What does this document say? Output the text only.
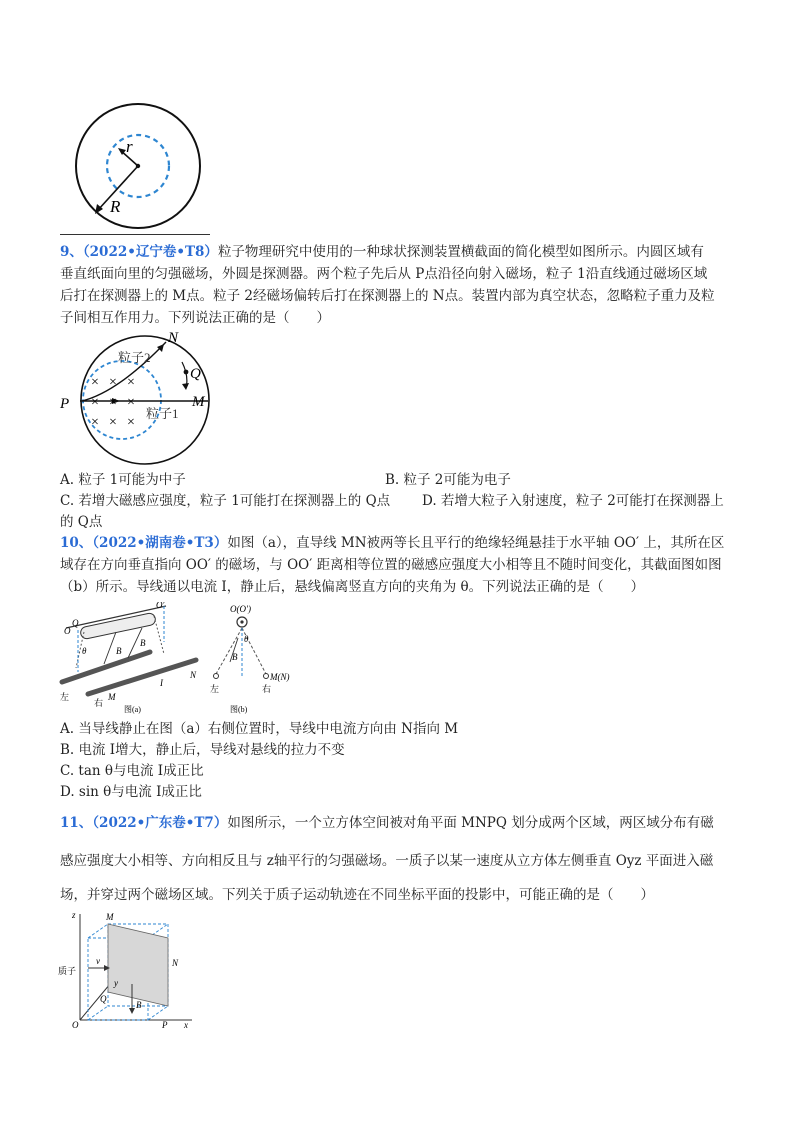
r
R
9、（2022•辽宁卷•T8）粒子物理研究中使用的一种球状探测装置横截面的简化模型如图所示。内圆区域有
垂直纸面向里的匀强磁场，外圆是探测器。两个粒子先后从 P点沿径向射入磁场，粒子 1沿直线通过磁场区域
后打在探测器上的 M点。粒子 2经磁场偏转后打在探测器上的 N点。装置内部为真空状态，忽略粒子重力及粒
子间相互作用力。下列说法正确的是（　　）
× × ×
× × ×
× × ×
粒子2
粒子1
P	M
N
Q
A. 粒子 1可能为中子	B. 粒子 2可能为电子
C. 若增大磁感应强度，粒子 1可能打在探测器上的 Q点 D. 若增大粒子入射速度，粒子 2可能打在探测器上
的 Q点
10、（2022•湖南卷•T3）如图（a），直导线 MN被两等长且平行的绝缘轻绳悬挂于水平轴 OO′ 上，其所在区
域存在方向垂直指向 OO′ 的磁场，与 OO′ 距离相等位置的磁感应强度大小相等且不随时间变化，其截面图如图
（b）所示。导线通以电流 I，静止后，悬线偏离竖直方向的夹角为 θ。下列说法正确的是（　　）
Q
O′
O
B
B
θ
左
右
M
I
N
图(a)
O(O′)
θ
B
左	右
M(N)
图(b)
A. 当导线静止在图（a）右侧位置时，导线中电流方向由 N指向 M
B. 电流 I增大，静止后，导线对悬线的拉力不变
C. tan θ与电流 I成正比
D. sin θ与电流 I成正比
11、（2022•广东卷•T7）如图所示，一个立方体空间被对角平面 MNPQ 划分成两个区域，两区域分布有磁
感应强度大小相等、方向相反且与 z轴平行的匀强磁场。一质子以某一速度从立方体左侧垂直 Oyz 平面进入磁
场，并穿过两个磁场区域。下列关于质子运动轨迹在不同坐标平面的投影中，可能正确的是（　　）
z	M
N
质子
v
y
Q
B
O	P x
